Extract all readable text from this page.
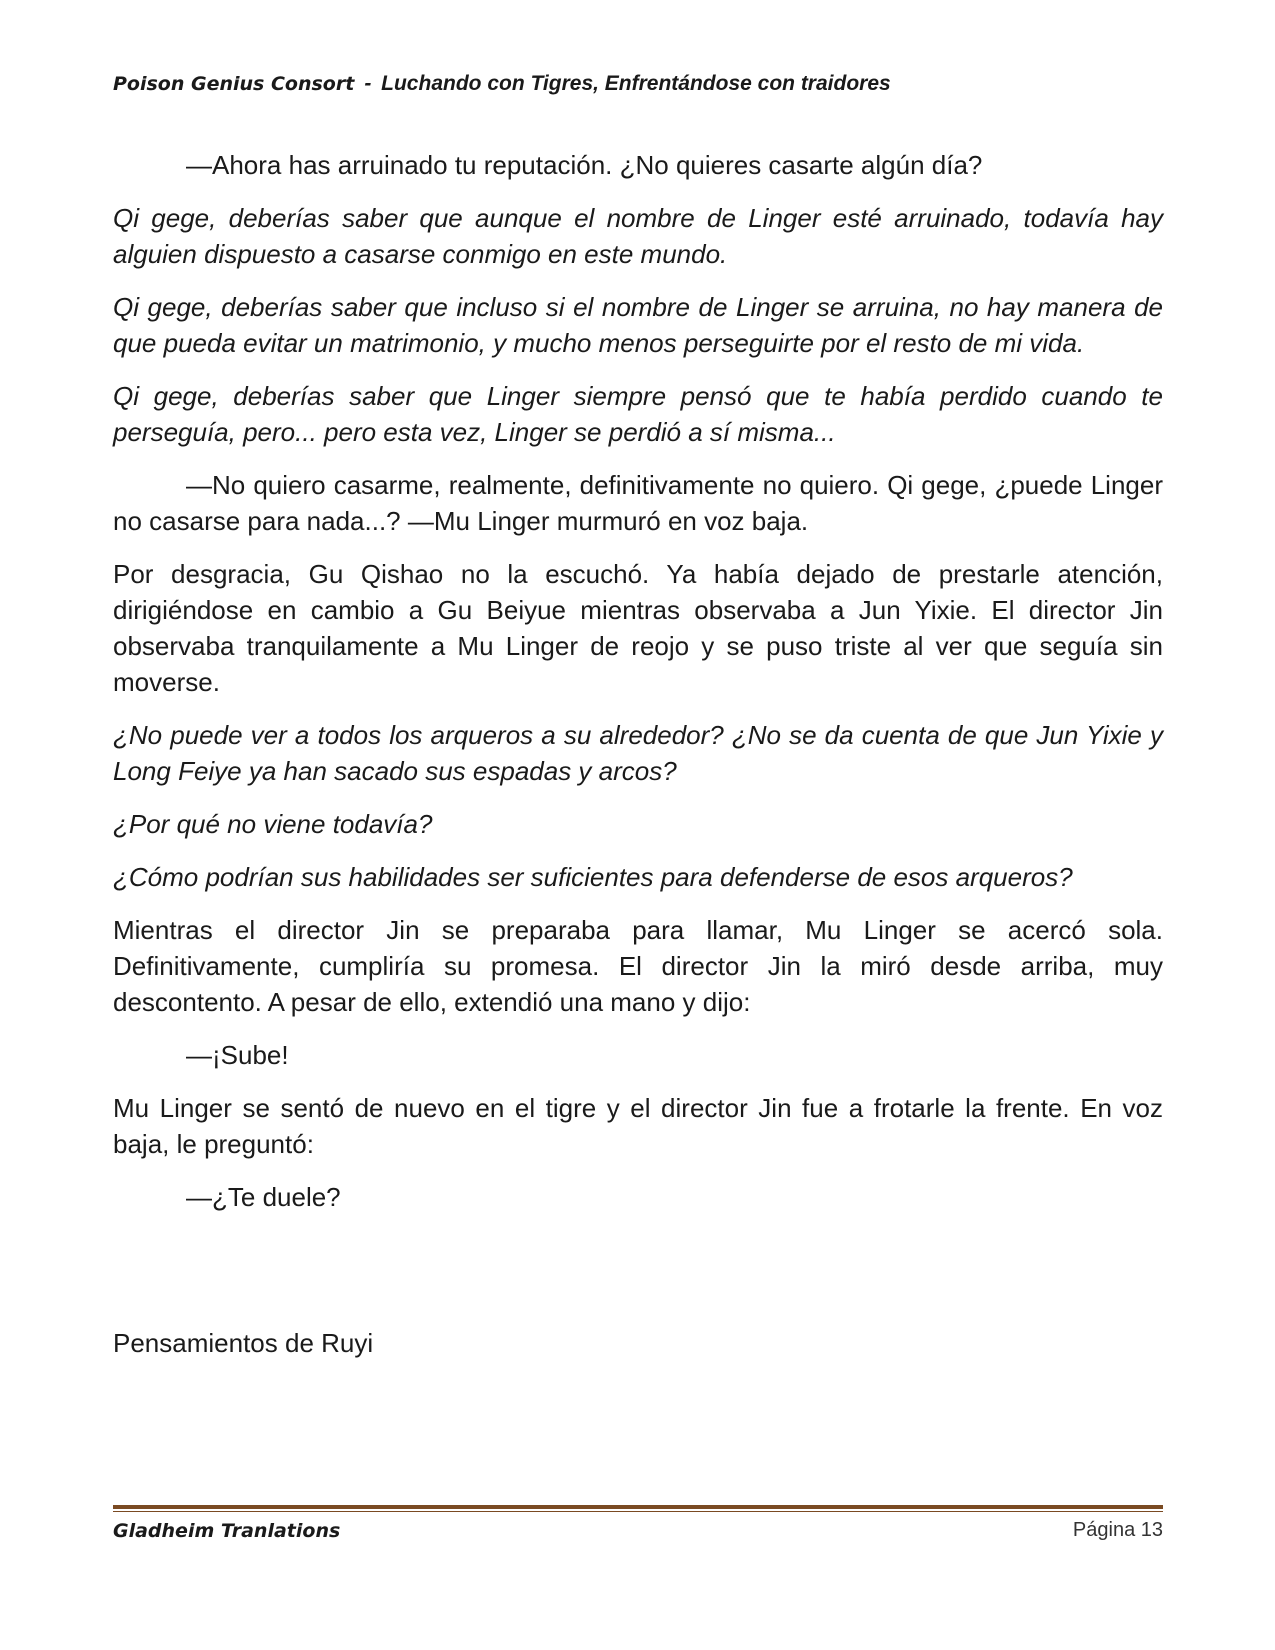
Poison Genius Consort - Luchando con Tigres, Enfrentándose con traidores

—Ahora has arruinado tu reputación. ¿No quieres casarte algún día?

Qi gege, deberías saber que aunque el nombre de Linger esté arruinado, todavía hay alguien dispuesto a casarse conmigo en este mundo.

Qi gege, deberías saber que incluso si el nombre de Linger se arruina, no hay manera de que pueda evitar un matrimonio, y mucho menos perseguirte por el resto de mi vida.

Qi gege, deberías saber que Linger siempre pensó que te había perdido cuando te perseguía, pero... pero esta vez, Linger se perdió a sí misma...

—No quiero casarme, realmente, definitivamente no quiero. Qi gege, ¿puede Linger no casarse para nada...? —Mu Linger murmuró en voz baja.

Por desgracia, Gu Qishao no la escuchó. Ya había dejado de prestarle atención, dirigiéndose en cambio a Gu Beiyue mientras observaba a Jun Yixie. El director Jin observaba tranquilamente a Mu Linger de reojo y se puso triste al ver que seguía sin moverse.

¿No puede ver a todos los arqueros a su alrededor? ¿No se da cuenta de que Jun Yixie y Long Feiye ya han sacado sus espadas y arcos?

¿Por qué no viene todavía?

¿Cómo podrían sus habilidades ser suficientes para defenderse de esos arqueros?

Mientras el director Jin se preparaba para llamar, Mu Linger se acercó sola. Definitivamente, cumpliría su promesa. El director Jin la miró desde arriba, muy descontento. A pesar de ello, extendió una mano y dijo:

—¡Sube!

Mu Linger se sentó de nuevo en el tigre y el director Jin fue a frotarle la frente. En voz baja, le preguntó:

—¿Te duele?

Pensamientos de Ruyi

Gladheim Tranlations	Página 13
